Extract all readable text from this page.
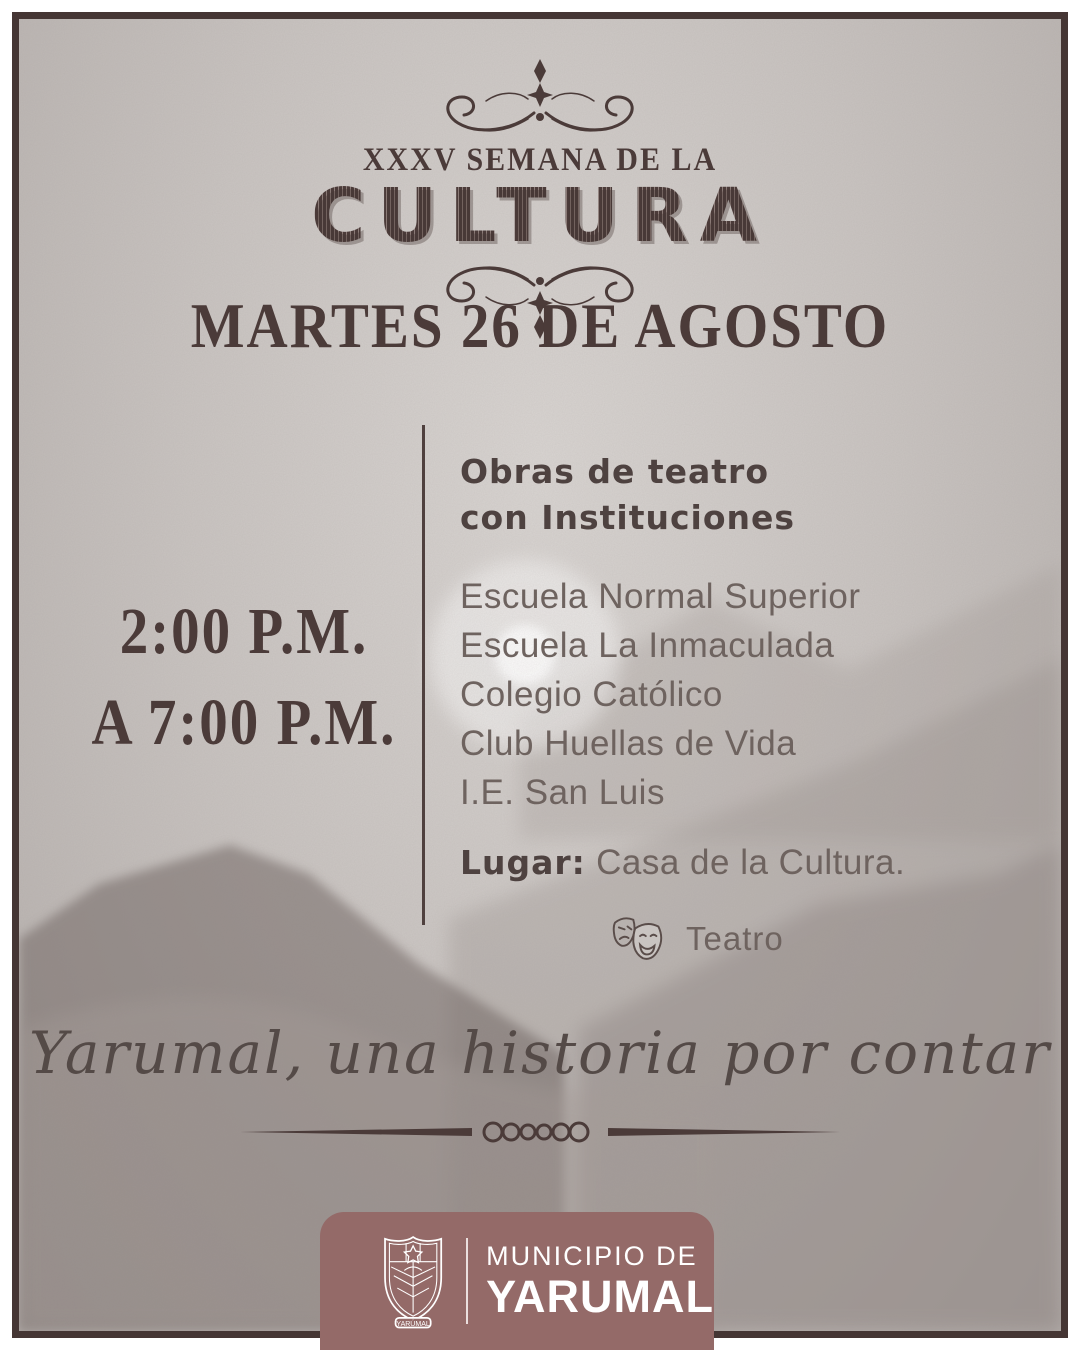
XXXV SEMANA DE LA
CULTURA
MARTES 26 DE AGOSTO
2:00 P.M.
A 7:00 P.M.

Obras de teatro
con Instituciones

Escuela Normal Superior
Escuela La Inmaculada
Colegio Católico
Club Huellas de Vida
I.E. San Luis

Lugar: Casa de la Cultura.

Teatro
Yarumal, una historia por contar
YARÚMAL
MUNICIPIO DE
YARUMAL
